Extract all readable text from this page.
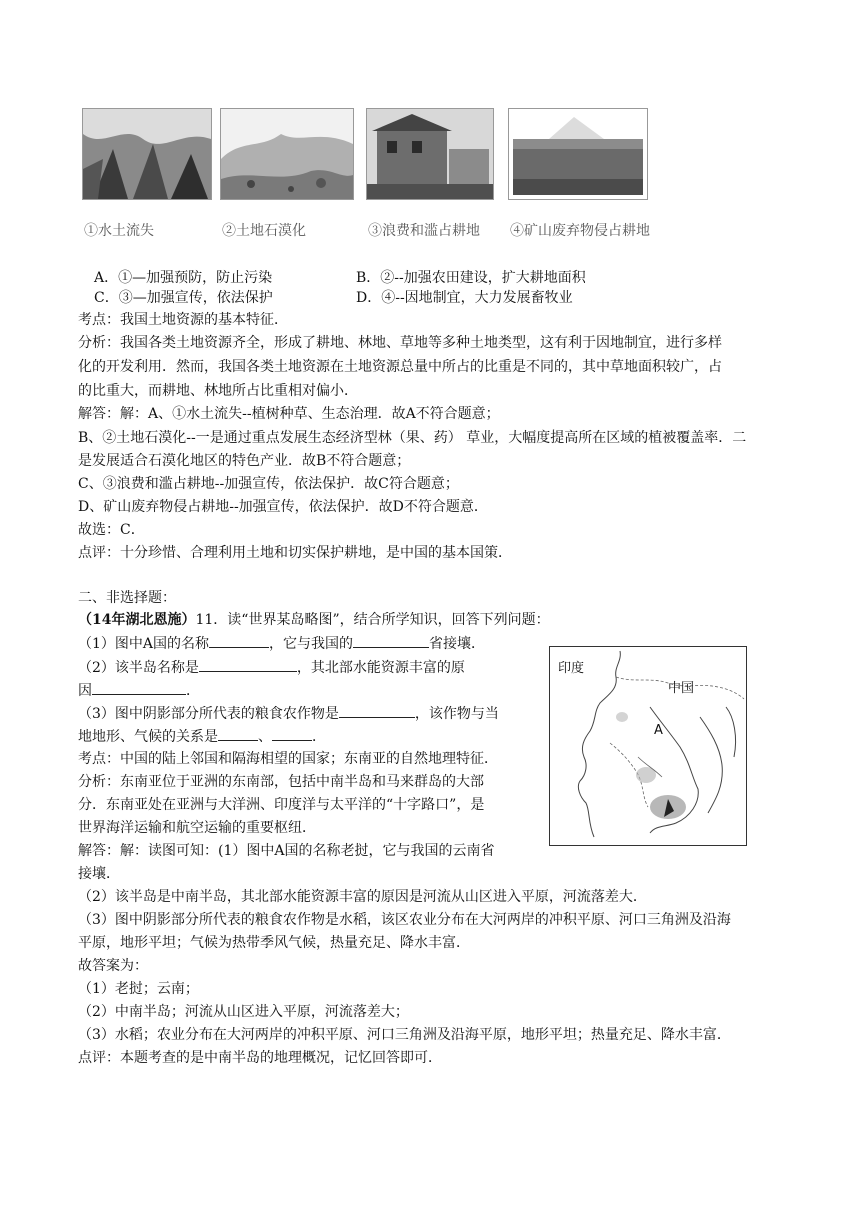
①水土流失	②土地石漠化	③浪费和滥占耕地 ④矿山废弃物侵占耕地
A．①—加强预防，防止污染	B．②--加强农田建设，扩大耕地面积
C．③—加强宣传，依法保护	D．④--因地制宜，大力发展畜牧业
考点：我国土地资源的基本特征．
分析：我国各类土地资源齐全，形成了耕地、林地、草地等多种土地类型，这有利于因地制宜，进行多样
化的开发利用．然而，我国各类土地资源在土地资源总量中所占的比重是不同的，其中草地面积较广，占
的比重大，而耕地、林地所占比重相对偏小．
解答：解：A、①水土流失--植树种草、生态治理．故A不符合题意；
B、②土地石漠化--一是通过重点发展生态经济型林（果、药） 草业，大幅度提高所在区域的植被覆盖率．二
是发展适合石漠化地区的特色产业．故B不符合题意；
C、③浪费和滥占耕地--加强宣传，依法保护．故C符合题意；
D、矿山废弃物侵占耕地--加强宣传，依法保护．故D不符合题意．
故选：C．
点评：十分珍惜、合理利用土地和切实保护耕地，是中国的基本国策．
二、非选择题：
（14年湖北恩施）11．读“世界某岛略图”，结合所学知识，回答下列问题：
（1）图中A国的名称	，它与我国的	省接壤．
（2）该半岛名称是	，其北部水能资源丰富的原
因	．
（3）图中阴影部分所代表的粮食农作物是	，该作物与当
地地形、气候的关系是	、	．
考点：中国的陆上邻国和隔海相望的国家；东南亚的自然地理特征．
分析：东南亚位于亚洲的东南部，包括中南半岛和马来群岛的大部
分．东南亚处在亚洲与大洋洲、印度洋与太平洋的“十字路口”，是
世界海洋运输和航空运输的重要枢纽．
解答：解：读图可知：(1）图中A国的名称老挝，它与我国的云南省
接壤．
（2）该半岛是中南半岛，其北部水能资源丰富的原因是河流从山区进入平原，河流落差大．
（3）图中阴影部分所代表的粮食农作物是水稻，该区农业分布在大河两岸的冲积平原、河口三角洲及沿海
平原，地形平坦；气候为热带季风气候，热量充足、降水丰富．
故答案为：
（1）老挝；云南；
（2）中南半岛；河流从山区进入平原，河流落差大；
（3）水稻；农业分布在大河两岸的冲积平原、河口三角洲及沿海平原，地形平坦；热量充足、降水丰富．
点评：本题考查的是中南半岛的地理概况，记忆回答即可．
印度
中国
A
